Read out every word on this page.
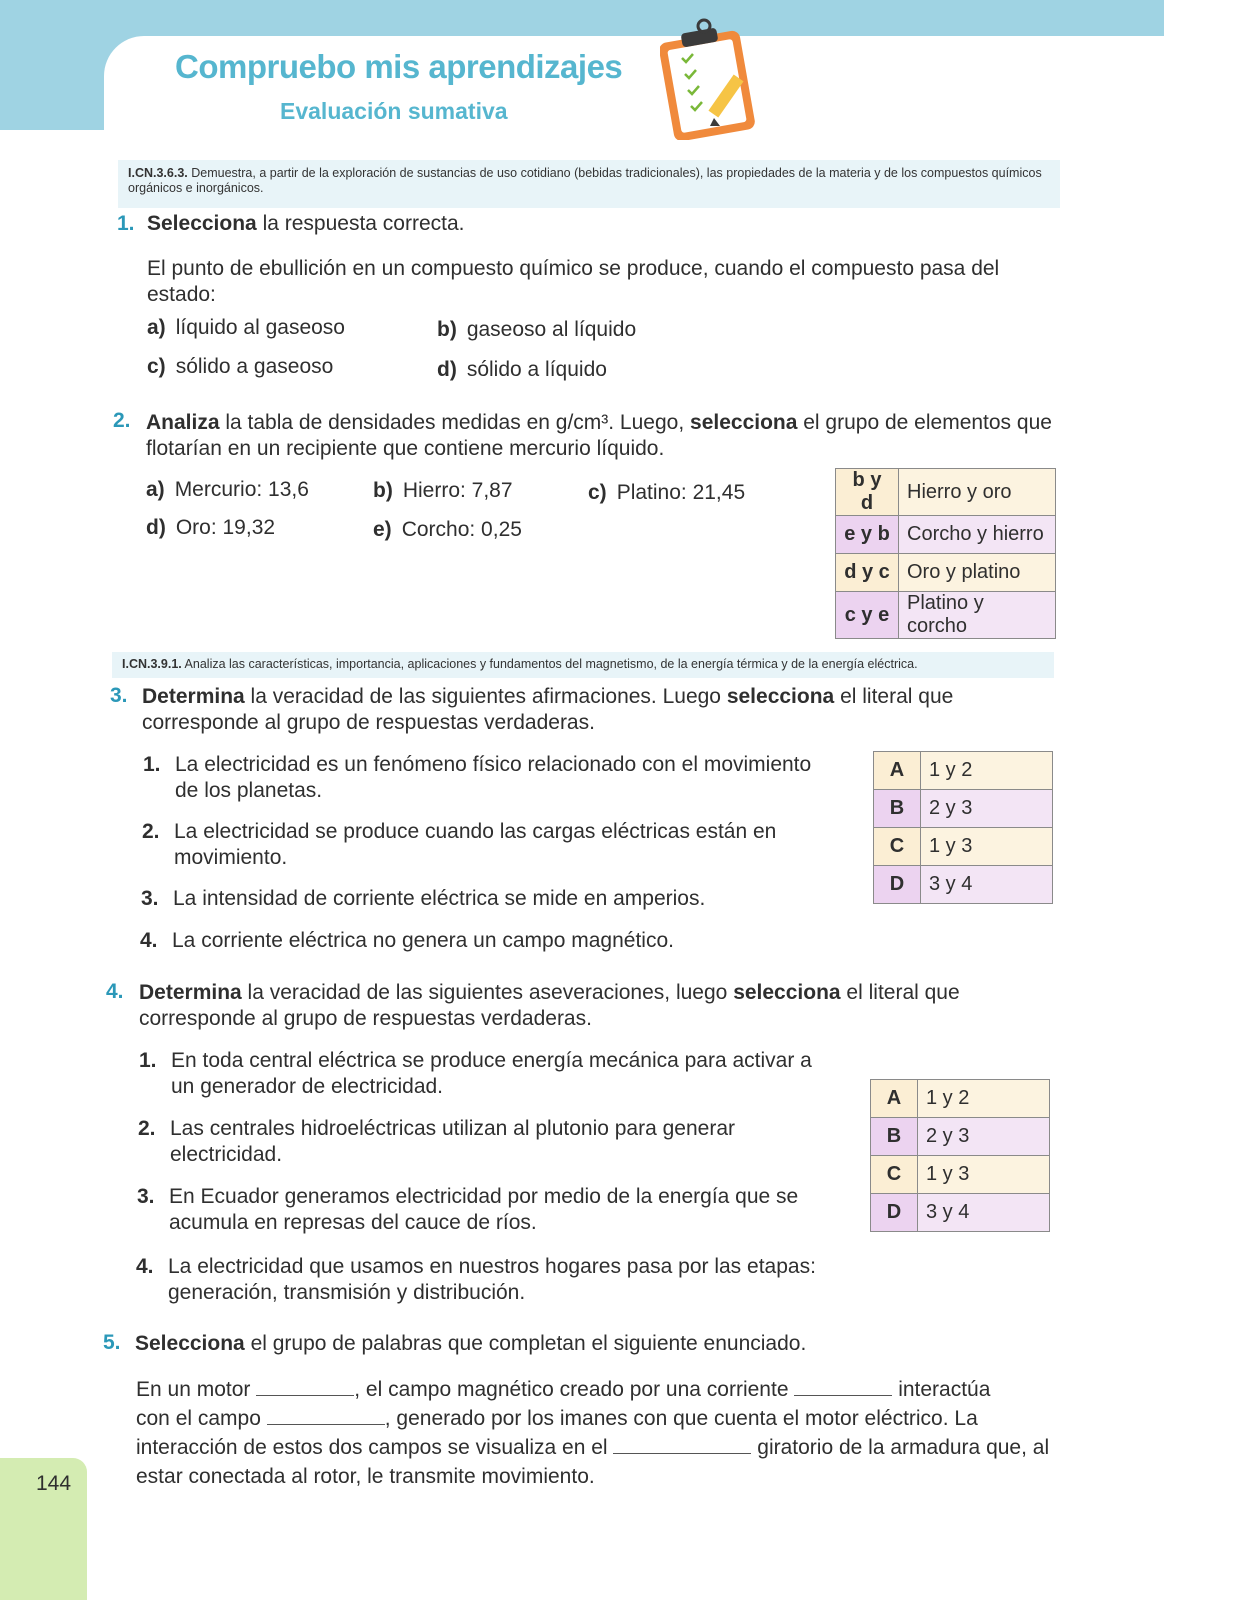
Compruebo mis aprendizajes
Evaluación sumativa
I.CN.3.6.3. Demuestra, a partir de la exploración de sustancias de uso cotidiano (bebidas tradicionales), las propiedades de la materia y de los compuestos químicos orgánicos e inorgánicos.
1. Selecciona la respuesta correcta.
El punto de ebullición en un compuesto químico se produce, cuando el compuesto pasa del estado:
a) líquido al gaseoso	b) gaseoso al líquido
c) sólido a gaseoso	d) sólido a líquido
2. Analiza la tabla de densidades medidas en g/cm³. Luego, selecciona el grupo de elementos que flotarían en un recipiente que contiene mercurio líquido.
a) Mercurio: 13,6	b) Hierro: 7,87	c) Platino: 21,45
d) Oro: 19,32	e) Corcho: 0,25
b y d	Hierro y oro
e y b	Corcho y hierro
d y c	Oro y platino
c y e	Platino y corcho
I.CN.3.9.1. Analiza las características, importancia, aplicaciones y fundamentos del magnetismo, de la energía térmica y de la energía eléctrica.
3. Determina la veracidad de las siguientes afirmaciones. Luego selecciona el literal que corresponde al grupo de respuestas verdaderas.
1. La electricidad es un fenómeno físico relacionado con el movimiento de los planetas.
2. La electricidad se produce cuando las cargas eléctricas están en movimiento.
3. La intensidad de corriente eléctrica se mide en amperios.
4. La corriente eléctrica no genera un campo magnético.
A	1 y 2
B	2 y 3
C	1 y 3
D	3 y 4
4. Determina la veracidad de las siguientes aseveraciones, luego selecciona el literal que corresponde al grupo de respuestas verdaderas.
1. En toda central eléctrica se produce energía mecánica para activar a un generador de electricidad.
2. Las centrales hidroeléctricas utilizan al plutonio para generar electricidad.
3. En Ecuador generamos electricidad por medio de la energía que se acumula en represas del cauce de ríos.
4. La electricidad que usamos en nuestros hogares pasa por las etapas: generación, transmisión y distribución.
A	1 y 2
B	2 y 3
C	1 y 3
D	3 y 4
5. Selecciona el grupo de palabras que completan el siguiente enunciado.
En un motor	, el campo magnético creado por una corriente	interactúa
con el campo	, generado por los imanes con que cuenta el motor eléctrico. La
interacción de estos dos campos se visualiza en el	giratorio de la armadura que, al
estar conectada al rotor, le transmite movimiento.
144
